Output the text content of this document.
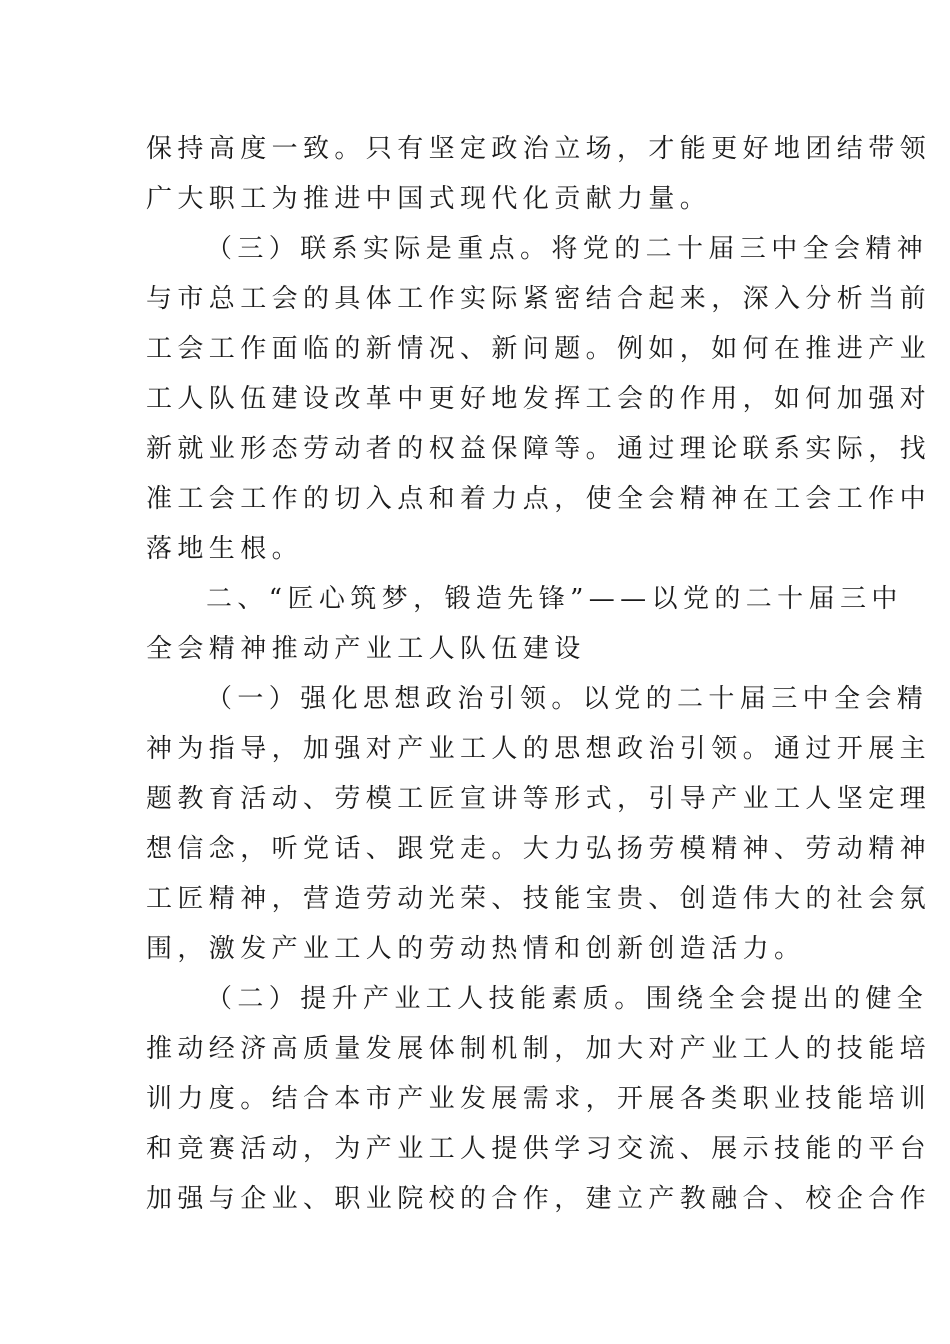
保持高度一致。只有坚定政治立场，才能更好地团结带领
广大职工为推进中国式现代化贡献力量。
（三）联系实际是重点。将党的二十届三中全会精神
与市总工会的具体工作实际紧密结合起来，深入分析当前
工会工作面临的新情况、新问题。例如，如何在推进产业
工人队伍建设改革中更好地发挥工会的作用，如何加强对
新就业形态劳动者的权益保障等。通过理论联系实际，找
准工会工作的切入点和着力点，使全会精神在工会工作中
落地生根。
二、“匠心筑梦，锻造先锋”——以党的二十届三中
全会精神推动产业工人队伍建设
（一）强化思想政治引领。以党的二十届三中全会精
神为指导，加强对产业工人的思想政治引领。通过开展主
题教育活动、劳模工匠宣讲等形式，引导产业工人坚定理
想信念，听党话、跟党走。大力弘扬劳模精神、劳动精神
工匠精神，营造劳动光荣、技能宝贵、创造伟大的社会氛
围，激发产业工人的劳动热情和创新创造活力。
（二）提升产业工人技能素质。围绕全会提出的健全
推动经济高质量发展体制机制，加大对产业工人的技能培
训力度。结合本市产业发展需求，开展各类职业技能培训
和竞赛活动，为产业工人提供学习交流、展示技能的平台
加强与企业、职业院校的合作，建立产教融合、校企合作
